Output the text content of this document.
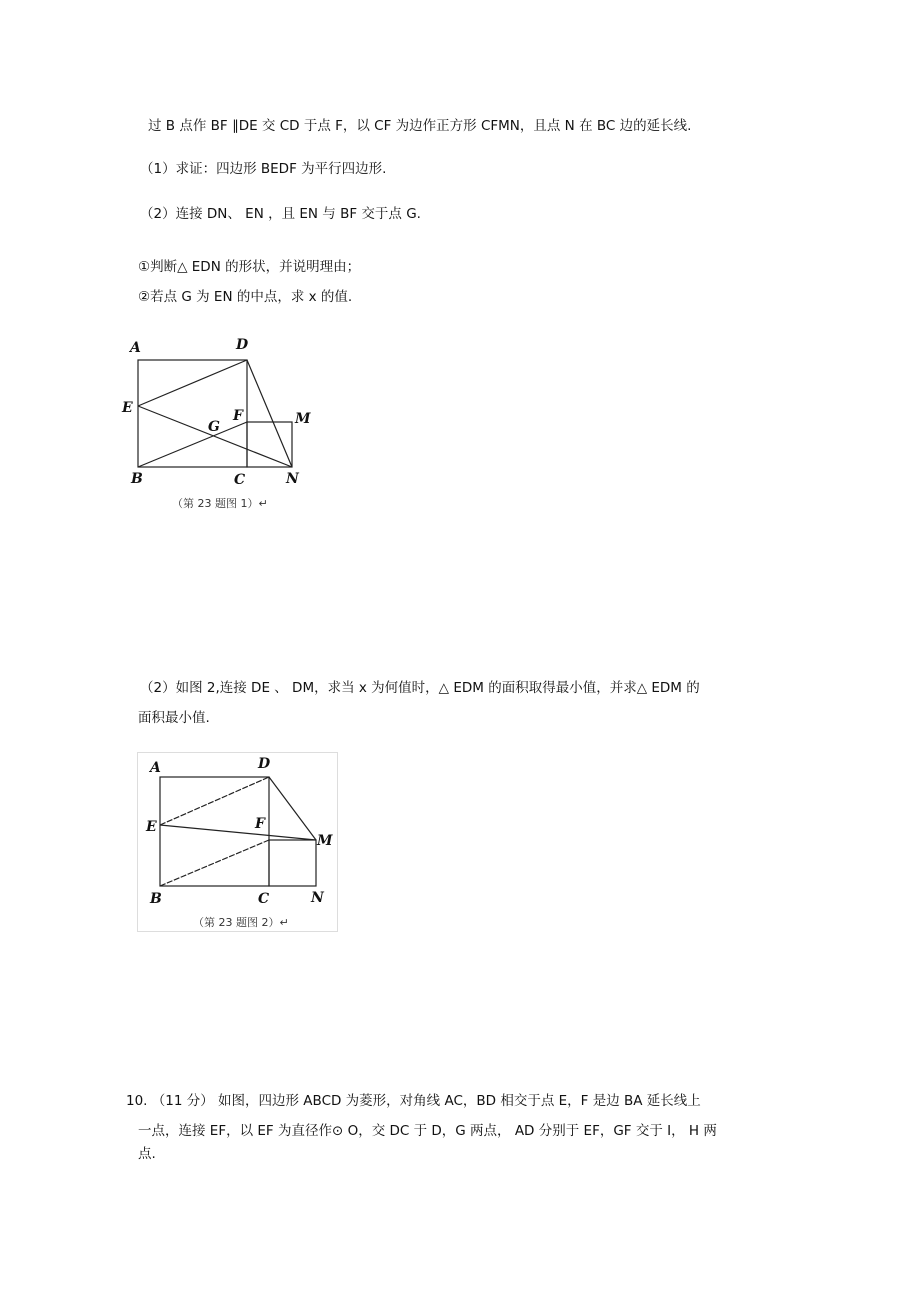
过 B 点作 BF ∥DE 交 CD 于点 F，以 CF 为边作正方形 CFMN，且点 N 在 BC 边的延长线.
（1）求证：四边形 BEDF 为平行四边形.
（2）连接 DN、 EN ，且 EN 与 BF 交于点 G.
①判断△ EDN 的形状，并说明理由；
②若点 G 为 EN 的中点，求 x 的值.
A	D
E	F
G	M
B	C	N
（第 23 题图 1）↵
（2）如图 2,连接 DE 、 DM，求当 x 为何值时，△ EDM 的面积取得最小值，并求△ EDM 的
面积最小值.
A	D
E	F
M
B	C	N
（第 23 题图 2）↵
10. （11 分） 如图，四边形 ABCD 为菱形，对角线 AC，BD 相交于点 E，F 是边 BA 延长线上
一点，连接 EF，以 EF 为直径作⊙ O，交 DC 于 D，G 两点， AD 分别于 EF，GF 交于 I， H 两
点.
